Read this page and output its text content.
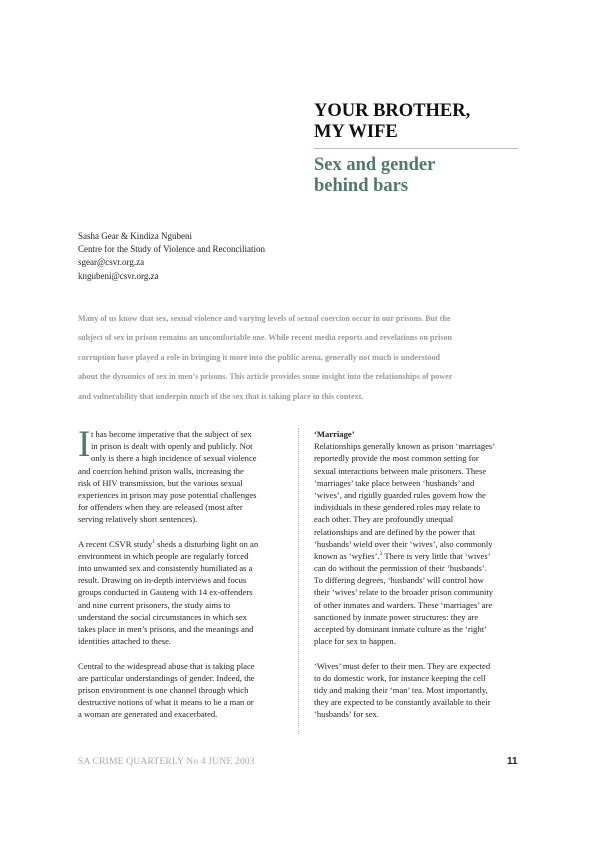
YOUR BROTHER,
MY WIFE
Sex and gender
behind bars
Sasha Gear & Kindiza Ngubeni
Centre for the Study of Violence and Reconciliation
sgear@csvr.org.za
kngubeni@csvr.org.za
Many of us know that sex, sexual violence and varying levels of sexual coercion occur in our prisons. But the
subject of sex in prison remains an uncomfortable one. While recent media reports and revelations on prison
corruption have played a role in bringing it more into the public arena, generally not much is understood
about the dynamics of sex in men’s prisons. This article provides some insight into the relationships of power
and vulnerability that underpin much of the sex that is taking place in this context.
I t has become imperative that the subject of sex
in prison is dealt with openly and publicly. Not
only is there a high incidence of sexual violence
and coercion behind prison walls, increasing the
risk of HIV transmission, but the various sexual
experiences in prison may pose potential challenges
for offenders when they are released (most after
serving relatively short sentences).
A recent CSVR study$^1$ sheds a disturbing light on an
environment in which people are regularly forced
into unwanted sex and consistently humiliated as a
result. Drawing on in-depth interviews and focus
groups conducted in Gauteng with 14 ex-offenders
and nine current prisoners, the study aims to
understand the social circumstances in which sex
takes place in men’s prisons, and the meanings and
identities attached to these.
Central to the widespread abuse that is taking place
are particular understandings of gender. Indeed, the
prison environment is one channel through which
destructive notions of what it means to be a man or
a woman are generated and exacerbated.
‘Marriage’
Relationships generally known as prison ‘marriages’
reportedly provide the most common setting for
sexual interactions between male prisoners. These
‘marriages’ take place between ‘husbands’ and
‘wives’, and rigidly guarded rules govern how the
individuals in these gendered roles may relate to
each other. They are profoundly unequal
relationships and are defined by the power that
‘husbands’ wield over their ‘wives’, also commonly
known as ‘wyfies’.$^2$ There is very little that ‘wives’
can do without the permission of their ‘husbands’.
To differing degrees, ‘husbands’ will control how
their ‘wives’ relate to the broader prison community
of other inmates and warders. These ‘marriages’ are
sanctioned by inmate power structures: they are
accepted by dominant inmate culture as the ‘right’
place for sex to happen.
‘Wives’ must defer to their men. They are expected
to do domestic work, for instance keeping the cell
tidy and making their ‘man’ tea. Most importantly,
they are expected to be constantly available to their
‘husbands’ for sex.
SA CRIME QUARTERLY No 4 JUNE 2003	11
